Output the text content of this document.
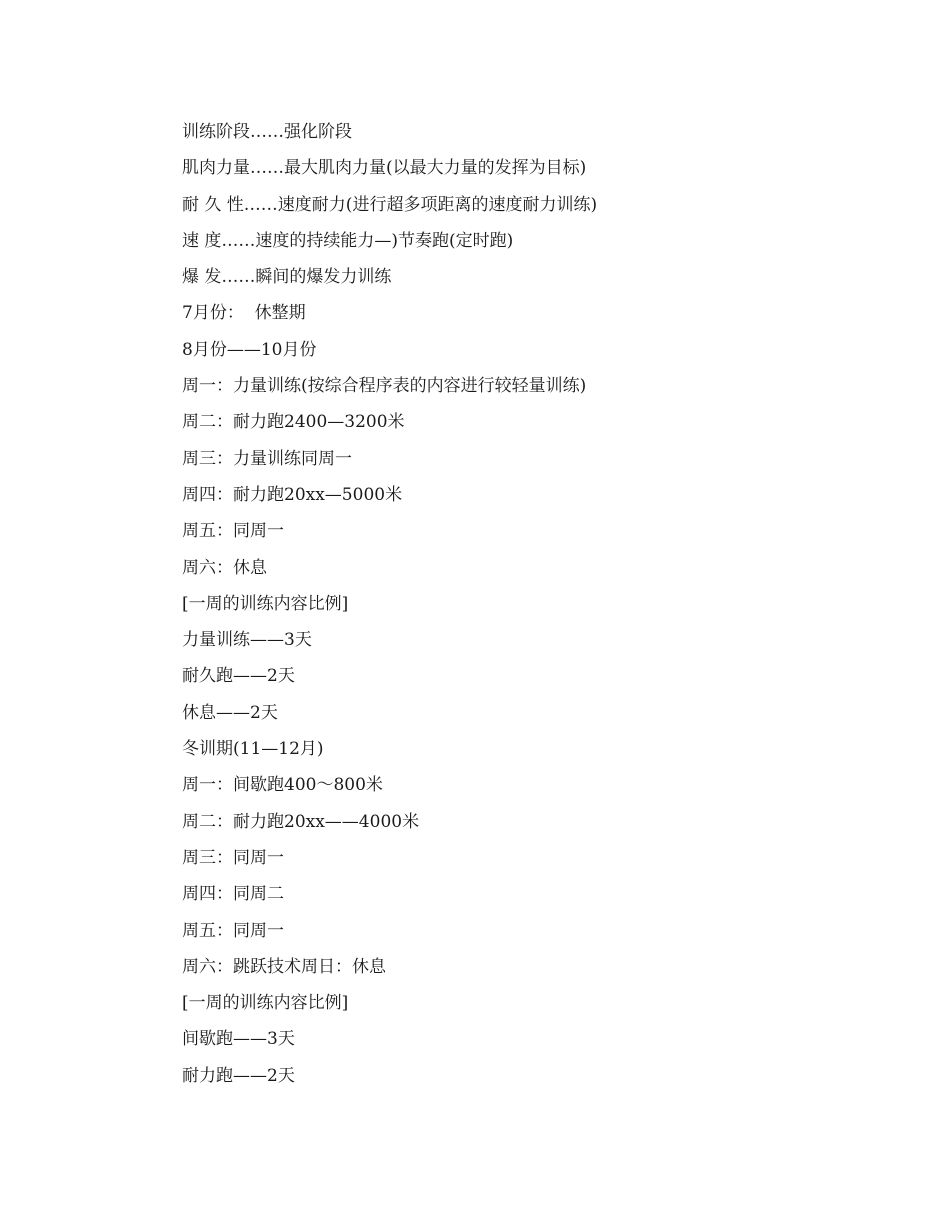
训练阶段……强化阶段

肌肉力量……最大肌肉力量(以最大力量的发挥为目标)

耐 久 性……速度耐力(进行超多项距离的速度耐力训练)

速 度……速度的持续能力—)节奏跑(定时跑)

爆 发……瞬间的爆发力训练

7月份：  休整期

8月份——10月份

周一：力量训练(按综合程序表的内容进行较轻量训练)

周二：耐力跑2400—3200米

周三：力量训练同周一

周四：耐力跑20xx—5000米

周五：同周一

周六：休息

[一周的训练内容比例]

力量训练——3天

耐久跑——2天

休息——2天

冬训期(11—12月)

周一：间歇跑400～800米

周二：耐力跑20xx——4000米

周三：同周一

周四：同周二

周五：同周一

周六：跳跃技术周日：休息

[一周的训练内容比例]

间歇跑——3天

耐力跑——2天
